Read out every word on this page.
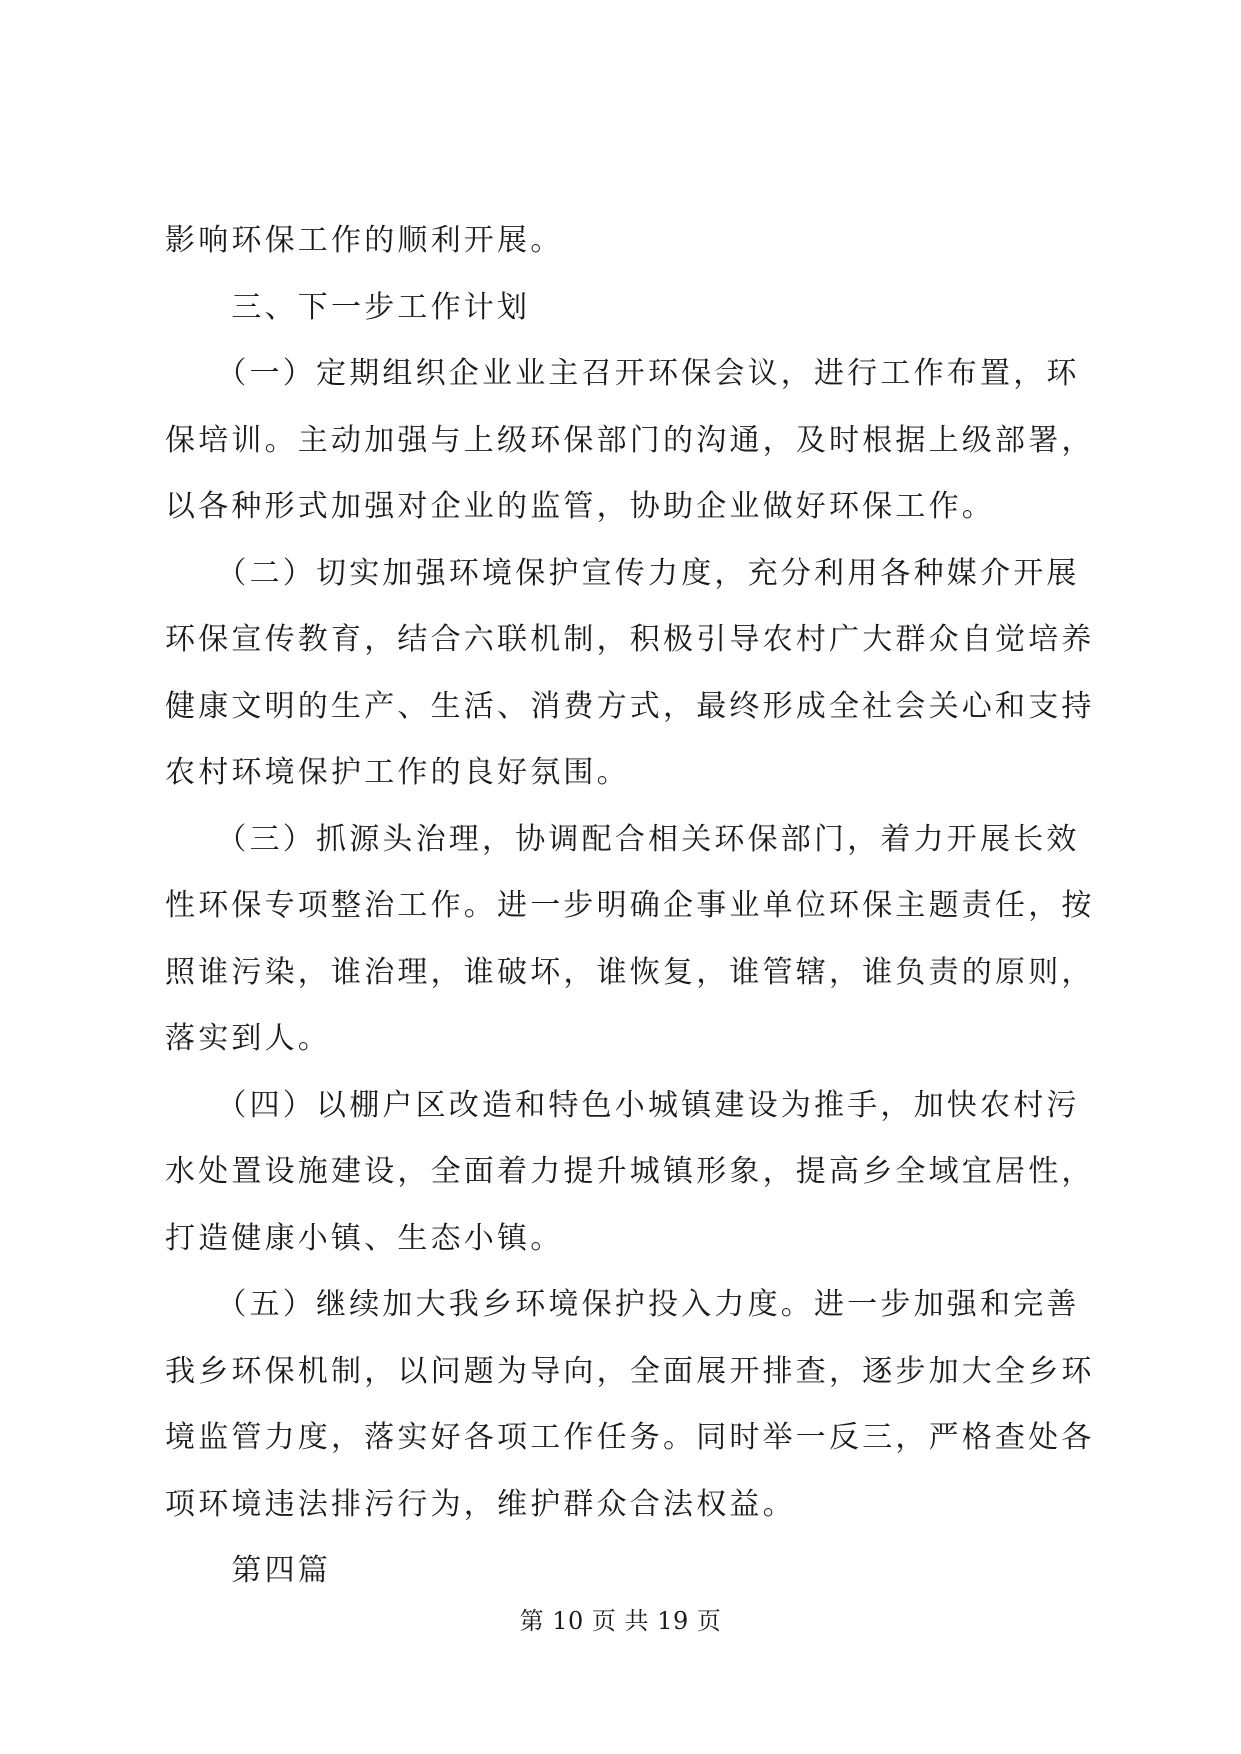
影响环保工作的顺利开展。

　　三、下一步工作计划

　　（一）定期组织企业业主召开环保会议，进行工作布置，环
保培训。主动加强与上级环保部门的沟通，及时根据上级部署，
以各种形式加强对企业的监管，协助企业做好环保工作。

　　（二）切实加强环境保护宣传力度，充分利用各种媒介开展
环保宣传教育，结合六联机制，积极引导农村广大群众自觉培养
健康文明的生产、生活、消费方式，最终形成全社会关心和支持
农村环境保护工作的良好氛围。

　　（三）抓源头治理，协调配合相关环保部门，着力开展长效
性环保专项整治工作。进一步明确企事业单位环保主题责任，按
照谁污染，谁治理，谁破坏，谁恢复，谁管辖，谁负责的原则，
落实到人。

　　（四）以棚户区改造和特色小城镇建设为推手，加快农村污
水处置设施建设，全面着力提升城镇形象，提高乡全域宜居性，
打造健康小镇、生态小镇。

　　（五）继续加大我乡环境保护投入力度。进一步加强和完善
我乡环保机制，以问题为导向，全面展开排查，逐步加大全乡环
境监管力度，落实好各项工作任务。同时举一反三，严格查处各
项环境违法排污行为，维护群众合法权益。

　　第四篇

第 10 页 共 19 页
